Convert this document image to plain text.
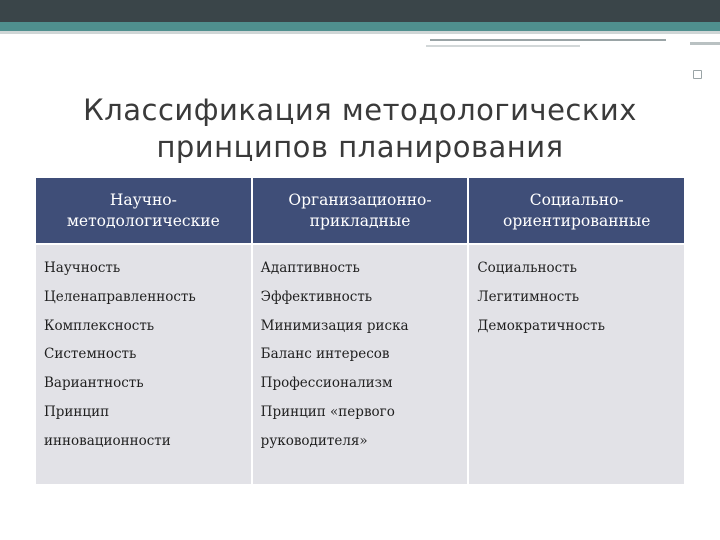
Классификация методологических
принципов планирования
Научно-
методологические
Организационно-
прикладные
Социально-
ориентированные
Научность
Целенаправленность
Комплексность
Системность
Вариантность
Принцип
инновационности
Адаптивность
Эффективность
Минимизация риска
Баланс интересов
Профессионализм
Принцип «первого
руководителя»
Социальность
Легитимность
Демократичность
